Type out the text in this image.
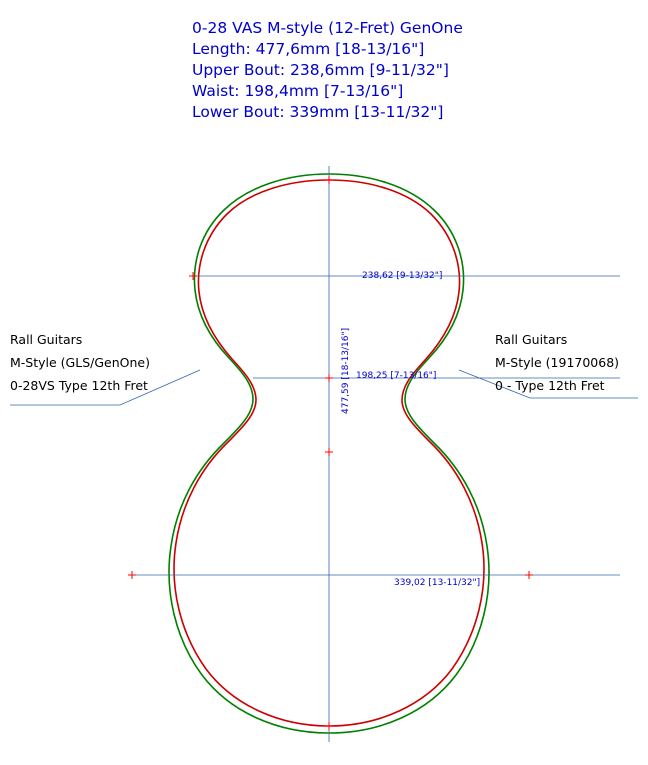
0-28 VAS M-style (12-Fret) GenOne
Length: 477,6mm [18-13/16"]
Upper Bout: 238,6mm [9-11/32"]
Waist: 198,4mm [7-13/16"]
Lower Bout: 339mm [13-11/32"]
Rall Guitars
M-Style (GLS/GenOne)
0-28VS Type 12th Fret
Rall Guitars
M-Style (19170068)
0 - Type 12th Fret
238,62 [9-13/32"]
198,25 [7-13/16"]
339,02 [13-11/32"]
477,59 [18-13/16"]
